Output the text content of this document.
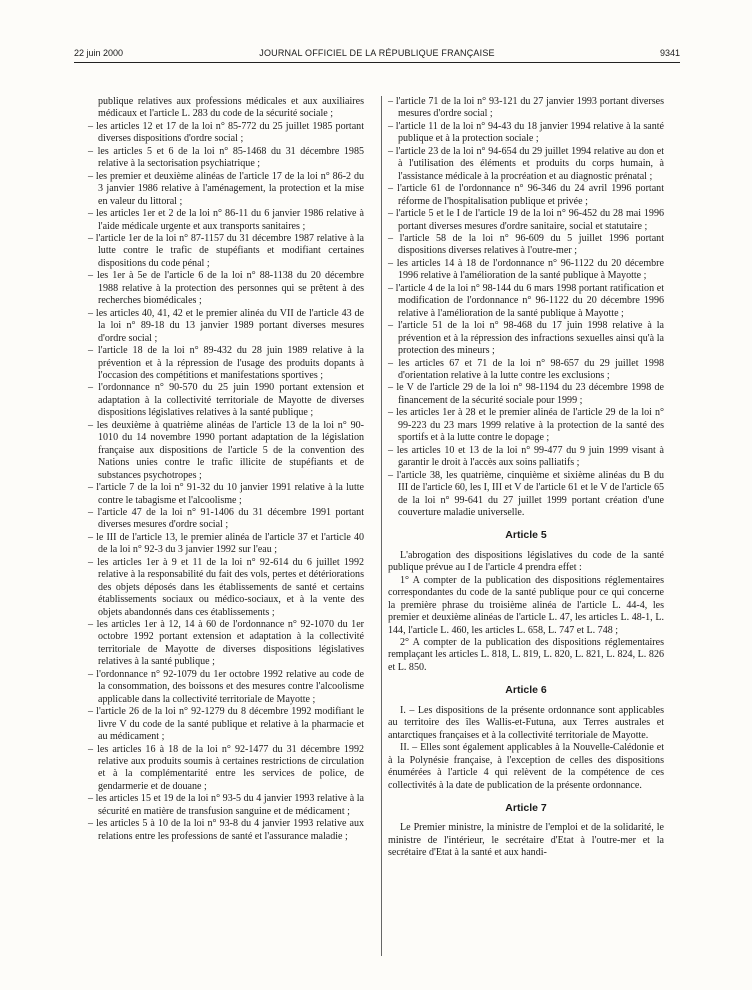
22 juin 2000	JOURNAL OFFICIEL DE LA RÉPUBLIQUE FRANÇAISE	9341

publique relatives aux professions médicales et aux auxiliaires médicaux et l'article L. 283 du code de la sécurité sociale ;

– les articles 12 et 17 de la loi n° 85-772 du 25 juillet 1985 portant diverses dispositions d'ordre social ;

– les articles 5 et 6 de la loi n° 85-1468 du 31 décembre 1985 relative à la sectorisation psychiatrique ;

– les premier et deuxième alinéas de l'article 17 de la loi n° 86-2 du 3 janvier 1986 relative à l'aménagement, la protection et la mise en valeur du littoral ;

– les articles 1er et 2 de la loi n° 86-11 du 6 janvier 1986 relative à l'aide médicale urgente et aux transports sanitaires ;

– l'article 1er de la loi n° 87-1157 du 31 décembre 1987 relative à la lutte contre le trafic de stupéfiants et modifiant certaines dispositions du code pénal ;

– les 1er à 5e de l'article 6 de la loi n° 88-1138 du 20 décembre 1988 relative à la protection des personnes qui se prêtent à des recherches biomédicales ;

– les articles 40, 41, 42 et le premier alinéa du VII de l'article 43 de la loi n° 89-18 du 13 janvier 1989 portant diverses mesures d'ordre social ;

– l'article 18 de la loi n° 89-432 du 28 juin 1989 relative à la prévention et à la répression de l'usage des produits dopants à l'occasion des compétitions et manifestations sportives ;

– l'ordonnance n° 90-570 du 25 juin 1990 portant extension et adaptation à la collectivité territoriale de Mayotte de diverses dispositions législatives relatives à la santé publique ;

– les deuxième à quatrième alinéas de l'article 13 de la loi n° 90-1010 du 14 novembre 1990 portant adaptation de la législation française aux dispositions de l'article 5 de la convention des Nations unies contre le trafic illicite de stupéfiants et de substances psychotropes ;

– l'article 7 de la loi n° 91-32 du 10 janvier 1991 relative à la lutte contre le tabagisme et l'alcoolisme ;

– l'article 47 de la loi n° 91-1406 du 31 décembre 1991 portant diverses mesures d'ordre social ;

– le III de l'article 13, le premier alinéa de l'article 37 et l'article 40 de la loi n° 92-3 du 3 janvier 1992 sur l'eau ;

– les articles 1er à 9 et 11 de la loi n° 92-614 du 6 juillet 1992 relative à la responsabilité du fait des vols, pertes et détériorations des objets déposés dans les établissements de santé et certains établissements sociaux ou médico-sociaux, et à la vente des objets abandonnés dans ces établissements ;

– les articles 1er à 12, 14 à 60 de l'ordonnance n° 92-1070 du 1er octobre 1992 portant extension et adaptation à la collectivité territoriale de Mayotte de diverses dispositions législatives relatives à la santé publique ;

– l'ordonnance n° 92-1079 du 1er octobre 1992 relative au code de la consommation, des boissons et des mesures contre l'alcoolisme applicable dans la collectivité territoriale de Mayotte ;

– l'article 26 de la loi n° 92-1279 du 8 décembre 1992 modifiant le livre V du code de la santé publique et relative à la pharmacie et au médicament ;

– les articles 16 à 18 de la loi n° 92-1477 du 31 décembre 1992 relative aux produits soumis à certaines restrictions de circulation et à la complémentarité entre les services de police, de gendarmerie et de douane ;

– les articles 15 et 19 de la loi n° 93-5 du 4 janvier 1993 relative à la sécurité en matière de transfusion sanguine et de médicament ;

– les articles 5 à 10 de la loi n° 93-8 du 4 janvier 1993 relative aux relations entre les professions de santé et l'assurance maladie ;

– l'article 71 de la loi n° 93-121 du 27 janvier 1993 portant diverses mesures d'ordre social ;

– l'article 11 de la loi n° 94-43 du 18 janvier 1994 relative à la santé publique et à la protection sociale ;

– l'article 23 de la loi n° 94-654 du 29 juillet 1994 relative au don et à l'utilisation des éléments et produits du corps humain, à l'assistance médicale à la procréation et au diagnostic prénatal ;

– l'article 61 de l'ordonnance n° 96-346 du 24 avril 1996 portant réforme de l'hospitalisation publique et privée ;

– l'article 5 et le I de l'article 19 de la loi n° 96-452 du 28 mai 1996 portant diverses mesures d'ordre sanitaire, social et statutaire ;

– l'article 58 de la loi n° 96-609 du 5 juillet 1996 portant dispositions diverses relatives à l'outre-mer ;

– les articles 14 à 18 de l'ordonnance n° 96-1122 du 20 décembre 1996 relative à l'amélioration de la santé publique à Mayotte ;

– l'article 4 de la loi n° 98-144 du 6 mars 1998 portant ratification et modification de l'ordonnance n° 96-1122 du 20 décembre 1996 relative à l'amélioration de la santé publique à Mayotte ;

– l'article 51 de la loi n° 98-468 du 17 juin 1998 relative à la prévention et à la répression des infractions sexuelles ainsi qu'à la protection des mineurs ;

– les articles 67 et 71 de la loi n° 98-657 du 29 juillet 1998 d'orientation relative à la lutte contre les exclusions ;

– le V de l'article 29 de la loi n° 98-1194 du 23 décembre 1998 de financement de la sécurité sociale pour 1999 ;

– les articles 1er à 28 et le premier alinéa de l'article 29 de la loi n° 99-223 du 23 mars 1999 relative à la protection de la santé des sportifs et à la lutte contre le dopage ;

– les articles 10 et 13 de la loi n° 99-477 du 9 juin 1999 visant à garantir le droit à l'accès aux soins palliatifs ;

– l'article 38, les quatrième, cinquième et sixième alinéas du B du III de l'article 60, les I, III et V de l'article 61 et le V de l'article 65 de la loi n° 99-641 du 27 juillet 1999 portant création d'une couverture maladie universelle.

Article 5

L'abrogation des dispositions législatives du code de la santé publique prévue au I de l'article 4 prendra effet :

1° A compter de la publication des dispositions réglementaires correspondantes du code de la santé publique pour ce qui concerne la première phrase du troisième alinéa de l'article L. 44-4, les premier et deuxième alinéas de l'article L. 47, les articles L. 48-1, L. 144, l'article L. 460, les articles L. 658, L. 747 et L. 748 ;

2° A compter de la publication des dispositions réglementaires remplaçant les articles L. 818, L. 819, L. 820, L. 821, L. 824, L. 826 et L. 850.

Article 6

I. – Les dispositions de la présente ordonnance sont applicables au territoire des îles Wallis-et-Futuna, aux Terres australes et antarctiques françaises et à la collectivité territoriale de Mayotte.

II. – Elles sont également applicables à la Nouvelle-Calédonie et à la Polynésie française, à l'exception de celles des dispositions énumérées à l'article 4 qui relèvent de la compétence de ces collectivités à la date de publication de la présente ordonnance.

Article 7

Le Premier ministre, la ministre de l'emploi et de la solidarité, le ministre de l'intérieur, le secrétaire d'Etat à l'outre-mer et la secrétaire d'Etat à la santé et aux handi-
